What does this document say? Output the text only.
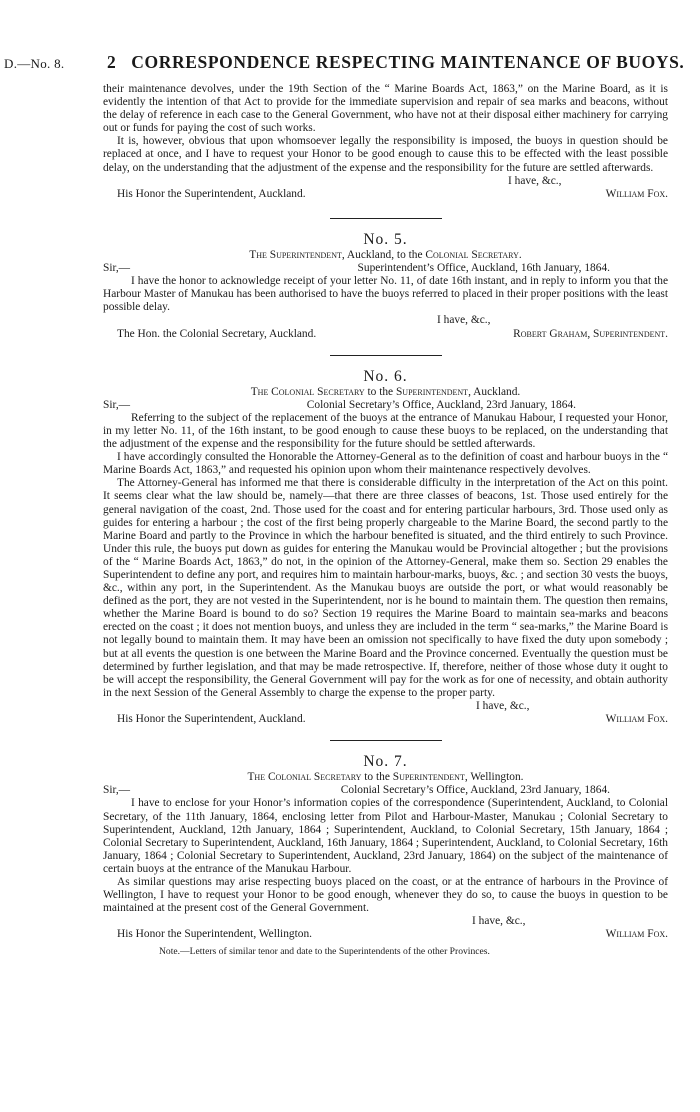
D.—No. 8. 2 CORRESPONDENCE RESPECTING MAINTENANCE OF BUOYS.

their maintenance devolves, under the 19th Section of the “ Marine Boards Act, 1863,” on the Marine Board, as it is evidently the intention of that Act to provide for the immediate supervision and repair of sea marks and beacons, without the delay of reference in each case to the General Government, who have not at their disposal either machinery for carrying out or funds for paying the cost of such works.

It is, however, obvious that upon whomsoever legally the responsibility is imposed, the buoys in question should be replaced at once, and I have to request your Honor to be good enough to cause this to be effected with the least possible delay, on the understanding that the adjustment of the expense and the responsibility for the future are settled afterwards.

I have, &c.,
His Honor the Superintendent, Auckland.	William Fox.
No. 5.
The Superintendent, Auckland, to the Colonial Secretary.
Sir,—	Superintendent’s Office, Auckland, 16th January, 1864.

I have the honor to acknowledge receipt of your letter No. 11, of date 16th instant, and in reply to inform you that the Harbour Master of Manukau has been authorised to have the buoys referred to placed in their proper positions with the least possible delay.

I have, &c.,
The Hon. the Colonial Secretary, Auckland.	Robert Graham, Superintendent.
No. 6.
The Colonial Secretary to the Superintendent, Auckland.
Sir,—	Colonial Secretary’s Office, Auckland, 23rd January, 1864.

Referring to the subject of the replacement of the buoys at the entrance of Manukau Habour, I requested your Honor, in my letter No. 11, of the 16th instant, to be good enough to cause these buoys to be replaced, on the understanding that the adjustment of the expense and the responsibility for the future should be settled afterwards.

I have accordingly consulted the Honorable the Attorney-General as to the definition of coast and harbour buoys in the “ Marine Boards Act, 1863,” and requested his opinion upon whom their maintenance respectively devolves.

The Attorney-General has informed me that there is considerable difficulty in the interpretation of the Act on this point. It seems clear what the law should be, namely—that there are three classes of beacons, 1st. Those used entirely for the general navigation of the coast, 2nd. Those used for the coast and for entering particular harbours, 3rd. Those used only as guides for entering a harbour ; the cost of the first being properly chargeable to the Marine Board, the second partly to the Marine Board and partly to the Province in which the harbour benefited is situated, and the third entirely to such Province. Under this rule, the buoys put down as guides for entering the Manukau would be Provincial altogether ; but the provisions of the “ Marine Boards Act, 1863,” do not, in the opinion of the Attorney-General, make them so. Section 29 enables the Superintendent to define any port, and requires him to maintain harbour-marks, buoys, &c. ; and section 30 vests the buoys, &c., within any port, in the Superintendent. As the Manukau buoys are outside the port, or what would reasonably be defined as the port, they are not vested in the Superintendent, nor is he bound to maintain them. The question then remains, whether the Marine Board is bound to do so? Section 19 requires the Marine Board to maintain sea-marks and beacons erected on the coast ; it does not mention buoys, and unless they are included in the term “ sea-marks,” the Marine Board is not legally bound to maintain them. It may have been an omission not specifically to have fixed the duty upon somebody ; but at all events the question is one between the Marine Board and the Province concerned. Eventually the question must be determined by further legislation, and that may be made retrospective. If, therefore, neither of those whose duty it ought to be will accept the responsibility, the General Government will pay for the work as for one of necessity, and obtain authority in the next Session of the General Assembly to charge the expense to the proper party.

I have, &c.,
His Honor the Superintendent, Auckland.	William Fox.
No. 7.
The Colonial Secretary to the Superintendent, Wellington.
Sir,—	Colonial Secretary’s Office, Auckland, 23rd January, 1864.

I have to enclose for your Honor’s information copies of the correspondence (Superintendent, Auckland, to Colonial Secretary, of the 11th January, 1864, enclosing letter from Pilot and Harbour-Master, Manukau ; Colonial Secretary to Superintendent, Auckland, 12th January, 1864 ; Superintendent, Auckland, to Colonial Secretary, 15th January, 1864 ; Colonial Secretary to Superintendent, Auckland, 16th January, 1864 ; Superintendent, Auckland, to Colonial Secretary, 16th January, 1864 ; Colonial Secretary to Superintendent, Auckland, 23rd January, 1864) on the subject of the maintenance of certain buoys at the entrance of the Manukau Harbour.

As similar questions may arise respecting buoys placed on the coast, or at the entrance of harbours in the Province of Wellington, I have to request your Honor to be good enough, whenever they do so, to cause the buoys in question to be maintained at the present cost of the General Government.

I have, &c.,
His Honor the Superintendent, Wellington.	William Fox.
Note.—Letters of similar tenor and date to the Superintendents of the other Provinces.
